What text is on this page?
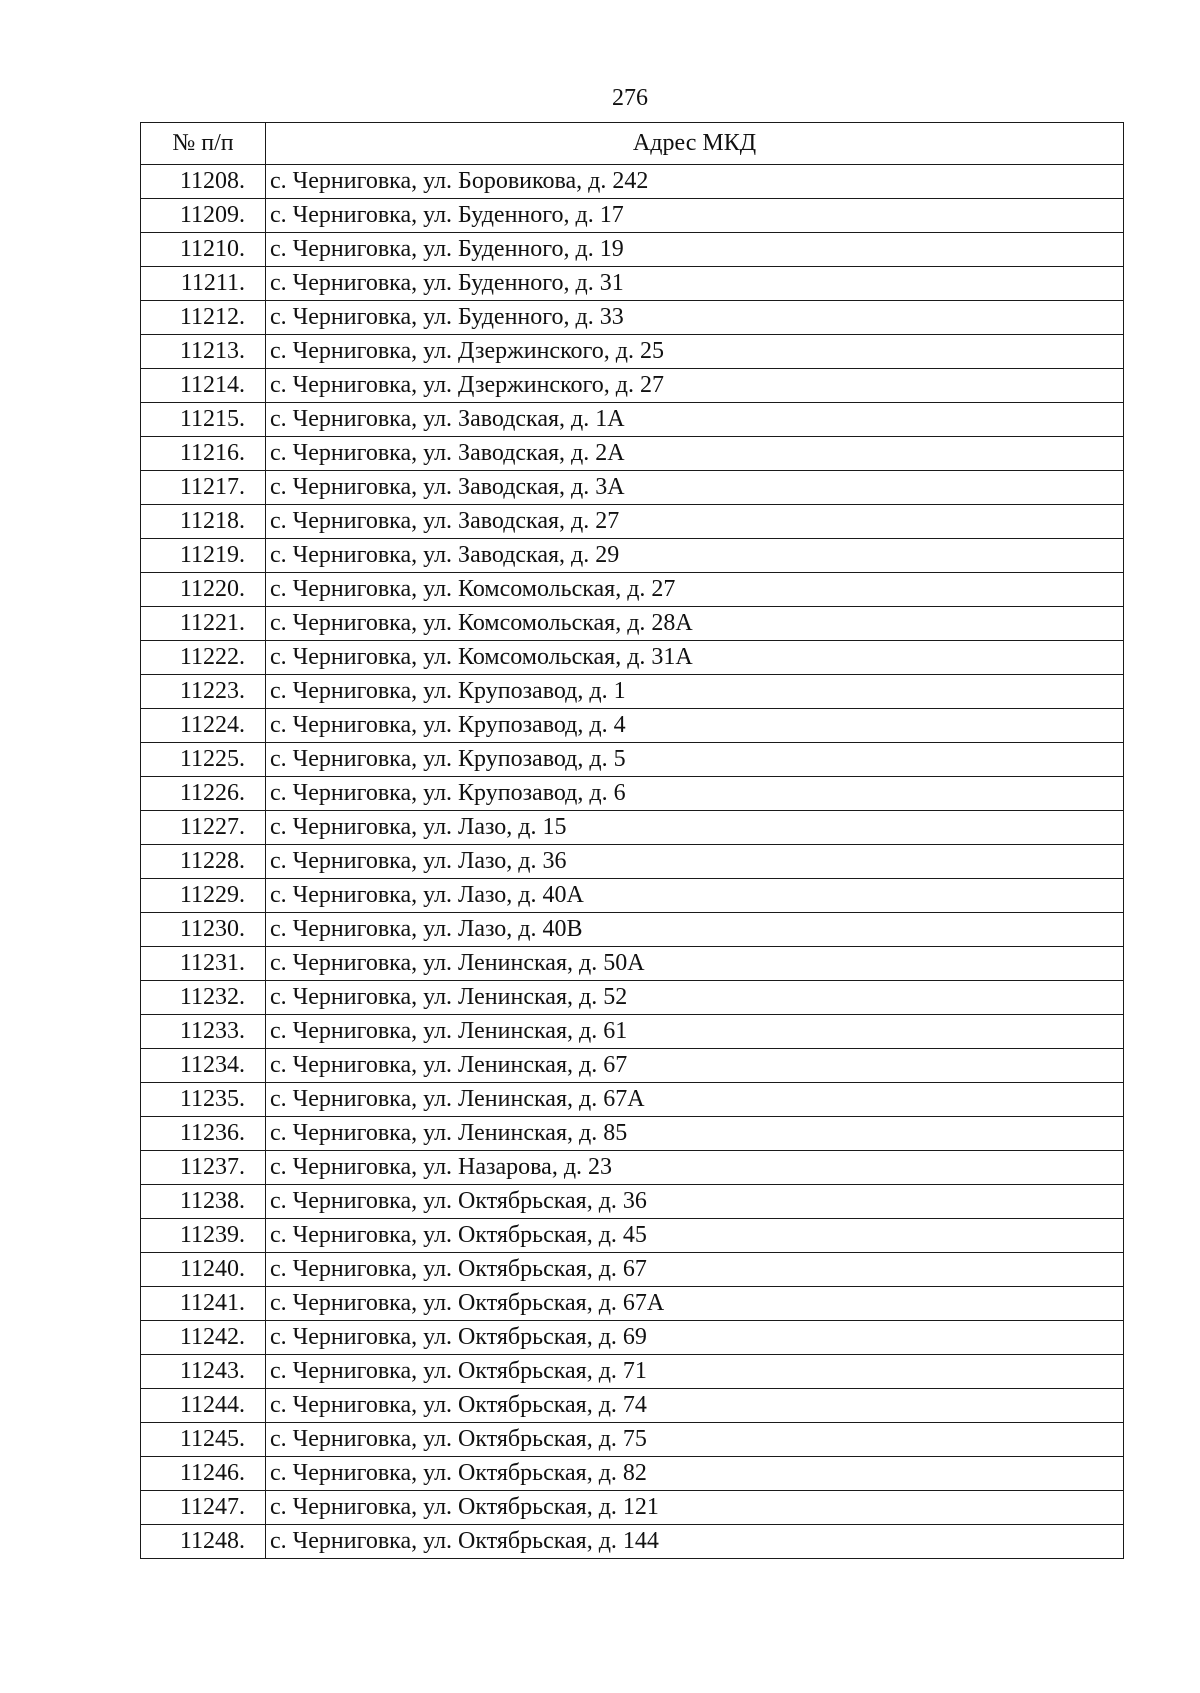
276
№ п/п	Адрес МКД
11208.	с. Черниговка, ул. Боровикова, д. 242
11209.	с. Черниговка, ул. Буденного, д. 17
11210.	с. Черниговка, ул. Буденного, д. 19
11211.	с. Черниговка, ул. Буденного, д. 31
11212.	с. Черниговка, ул. Буденного, д. 33
11213.	с. Черниговка, ул. Дзержинского, д. 25
11214.	с. Черниговка, ул. Дзержинского, д. 27
11215.	с. Черниговка, ул. Заводская, д. 1А
11216.	с. Черниговка, ул. Заводская, д. 2А
11217.	с. Черниговка, ул. Заводская, д. 3А
11218.	с. Черниговка, ул. Заводская, д. 27
11219.	с. Черниговка, ул. Заводская, д. 29
11220.	с. Черниговка, ул. Комсомольская, д. 27
11221.	с. Черниговка, ул. Комсомольская, д. 28А
11222.	с. Черниговка, ул. Комсомольская, д. 31А
11223.	с. Черниговка, ул. Крупозавод, д. 1
11224.	с. Черниговка, ул. Крупозавод, д. 4
11225.	с. Черниговка, ул. Крупозавод, д. 5
11226.	с. Черниговка, ул. Крупозавод, д. 6
11227.	с. Черниговка, ул. Лазо, д. 15
11228.	с. Черниговка, ул. Лазо, д. 36
11229.	с. Черниговка, ул. Лазо, д. 40А
11230.	с. Черниговка, ул. Лазо, д. 40В
11231.	с. Черниговка, ул. Ленинская, д. 50А
11232.	с. Черниговка, ул. Ленинская, д. 52
11233.	с. Черниговка, ул. Ленинская, д. 61
11234.	с. Черниговка, ул. Ленинская, д. 67
11235.	с. Черниговка, ул. Ленинская, д. 67А
11236.	с. Черниговка, ул. Ленинская, д. 85
11237.	с. Черниговка, ул. Назарова, д. 23
11238.	с. Черниговка, ул. Октябрьская, д. 36
11239.	с. Черниговка, ул. Октябрьская, д. 45
11240.	с. Черниговка, ул. Октябрьская, д. 67
11241.	с. Черниговка, ул. Октябрьская, д. 67А
11242.	с. Черниговка, ул. Октябрьская, д. 69
11243.	с. Черниговка, ул. Октябрьская, д. 71
11244.	с. Черниговка, ул. Октябрьская, д. 74
11245.	с. Черниговка, ул. Октябрьская, д. 75
11246.	с. Черниговка, ул. Октябрьская, д. 82
11247.	с. Черниговка, ул. Октябрьская, д. 121
11248.	с. Черниговка, ул. Октябрьская, д. 144
